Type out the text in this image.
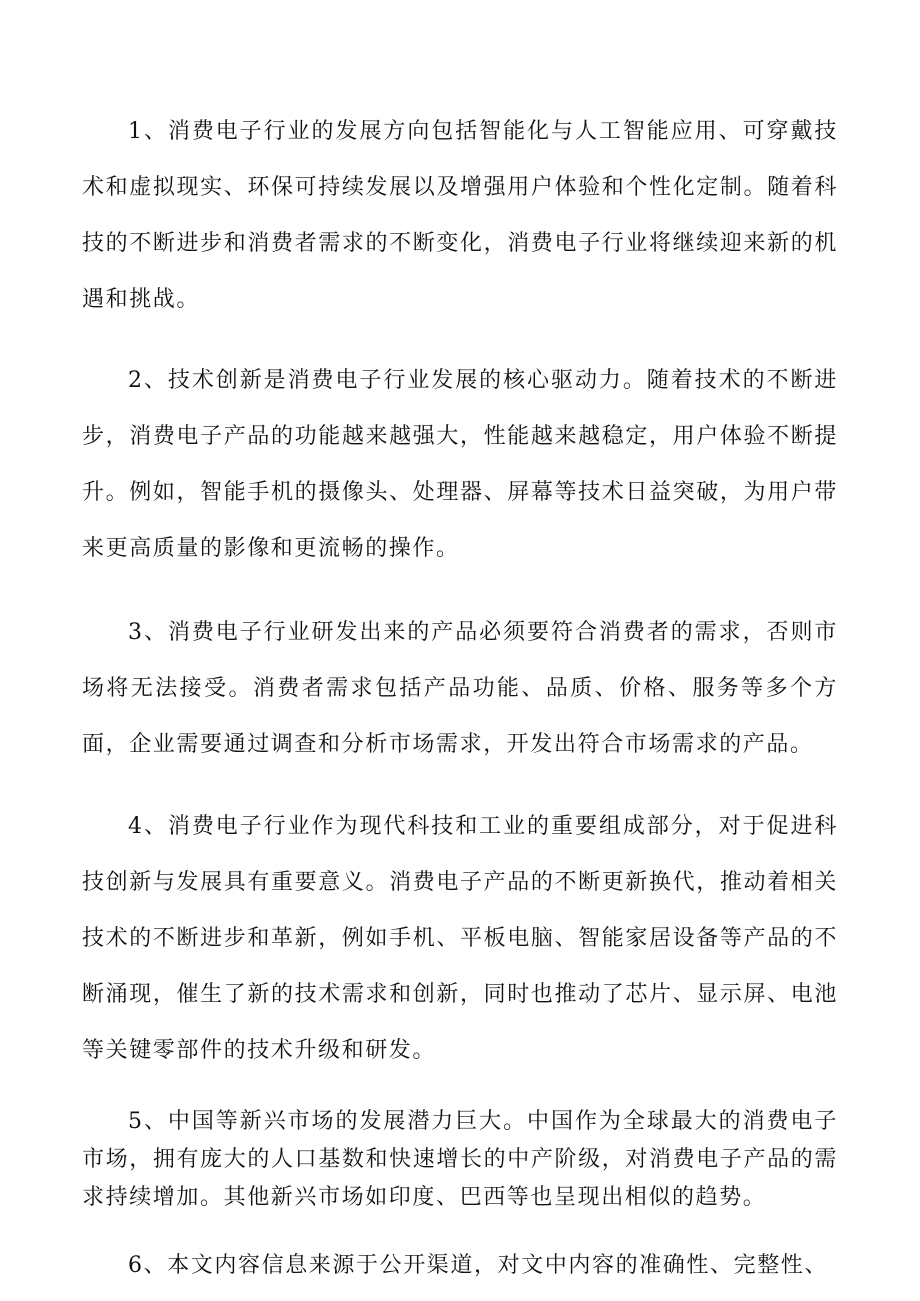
1、消费电子行业的发展方向包括智能化与人工智能应用、可穿戴技术和虚拟现实、环保可持续发展以及增强用户体验和个性化定制。随着科技的不断进步和消费者需求的不断变化，消费电子行业将继续迎来新的机遇和挑战。

2、技术创新是消费电子行业发展的核心驱动力。随着技术的不断进步，消费电子产品的功能越来越强大，性能越来越稳定，用户体验不断提升。例如，智能手机的摄像头、处理器、屏幕等技术日益突破，为用户带来更高质量的影像和更流畅的操作。

3、消费电子行业研发出来的产品必须要符合消费者的需求，否则市场将无法接受。消费者需求包括产品功能、品质、价格、服务等多个方面，企业需要通过调查和分析市场需求，开发出符合市场需求的产品。

4、消费电子行业作为现代科技和工业的重要组成部分，对于促进科技创新与发展具有重要意义。消费电子产品的不断更新换代，推动着相关技术的不断进步和革新，例如手机、平板电脑、智能家居设备等产品的不断涌现，催生了新的技术需求和创新，同时也推动了芯片、显示屏、电池等关键零部件的技术升级和研发。

5、中国等新兴市场的发展潜力巨大。中国作为全球最大的消费电子市场，拥有庞大的人口基数和快速增长的中产阶级，对消费电子产品的需求持续增加。其他新兴市场如印度、巴西等也呈现出相似的趋势。

6、本文内容信息来源于公开渠道，对文中内容的准确性、完整性、
